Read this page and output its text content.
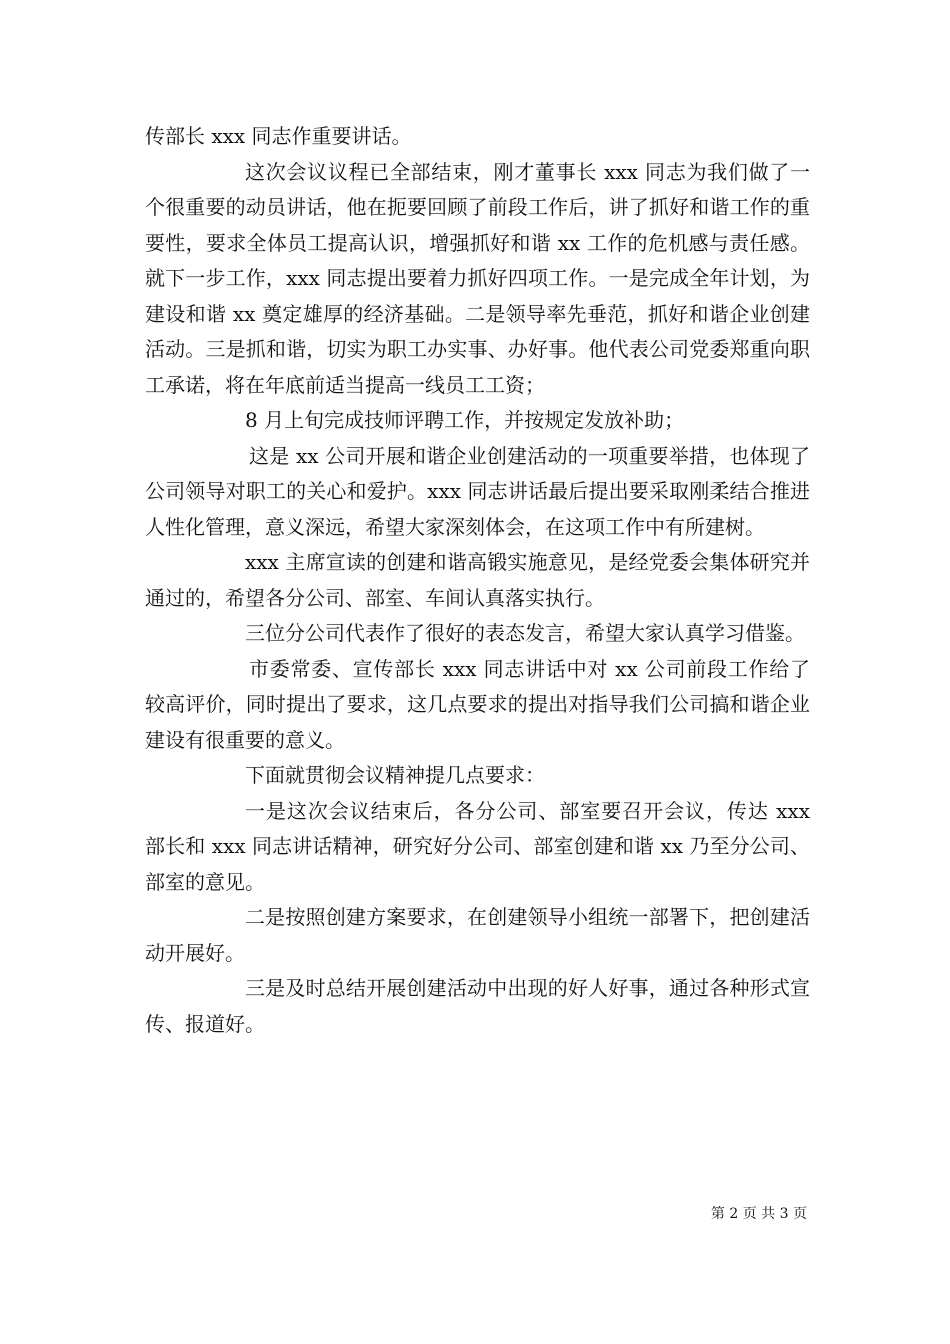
传部长 xxx 同志作重要讲话。

这次会议议程已全部结束，刚才董事长 xxx 同志为我们做了一个很重要的动员讲话，他在扼要回顾了前段工作后，讲了抓好和谐工作的重要性，要求全体员工提高认识，增强抓好和谐 xx 工作的危机感与责任感。就下一步工作，xxx 同志提出要着力抓好四项工作。一是完成全年计划，为建设和谐 xx 奠定雄厚的经济基础。二是领导率先垂范，抓好和谐企业创建活动。三是抓和谐，切实为职工办实事、办好事。他代表公司党委郑重向职工承诺，将在年底前适当提高一线员工工资；

8 月上旬完成技师评聘工作，并按规定发放补助；

这是 xx 公司开展和谐企业创建活动的一项重要举措，也体现了公司领导对职工的关心和爱护。xxx 同志讲话最后提出要采取刚柔结合推进人性化管理，意义深远，希望大家深刻体会，在这项工作中有所建树。

xxx 主席宣读的创建和谐高锻实施意见，是经党委会集体研究并通过的，希望各分公司、部室、车间认真落实执行。

三位分公司代表作了很好的表态发言，希望大家认真学习借鉴。

市委常委、宣传部长 xxx 同志讲话中对 xx 公司前段工作给了较高评价，同时提出了要求，这几点要求的提出对指导我们公司搞和谐企业建设有很重要的意义。

下面就贯彻会议精神提几点要求：

一是这次会议结束后，各分公司、部室要召开会议，传达 xxx 部长和 xxx 同志讲话精神，研究好分公司、部室创建和谐 xx 乃至分公司、部室的意见。

二是按照创建方案要求，在创建领导小组统一部署下，把创建活动开展好。

三是及时总结开展创建活动中出现的好人好事，通过各种形式宣传、报道好。

第 2 页 共 3 页
